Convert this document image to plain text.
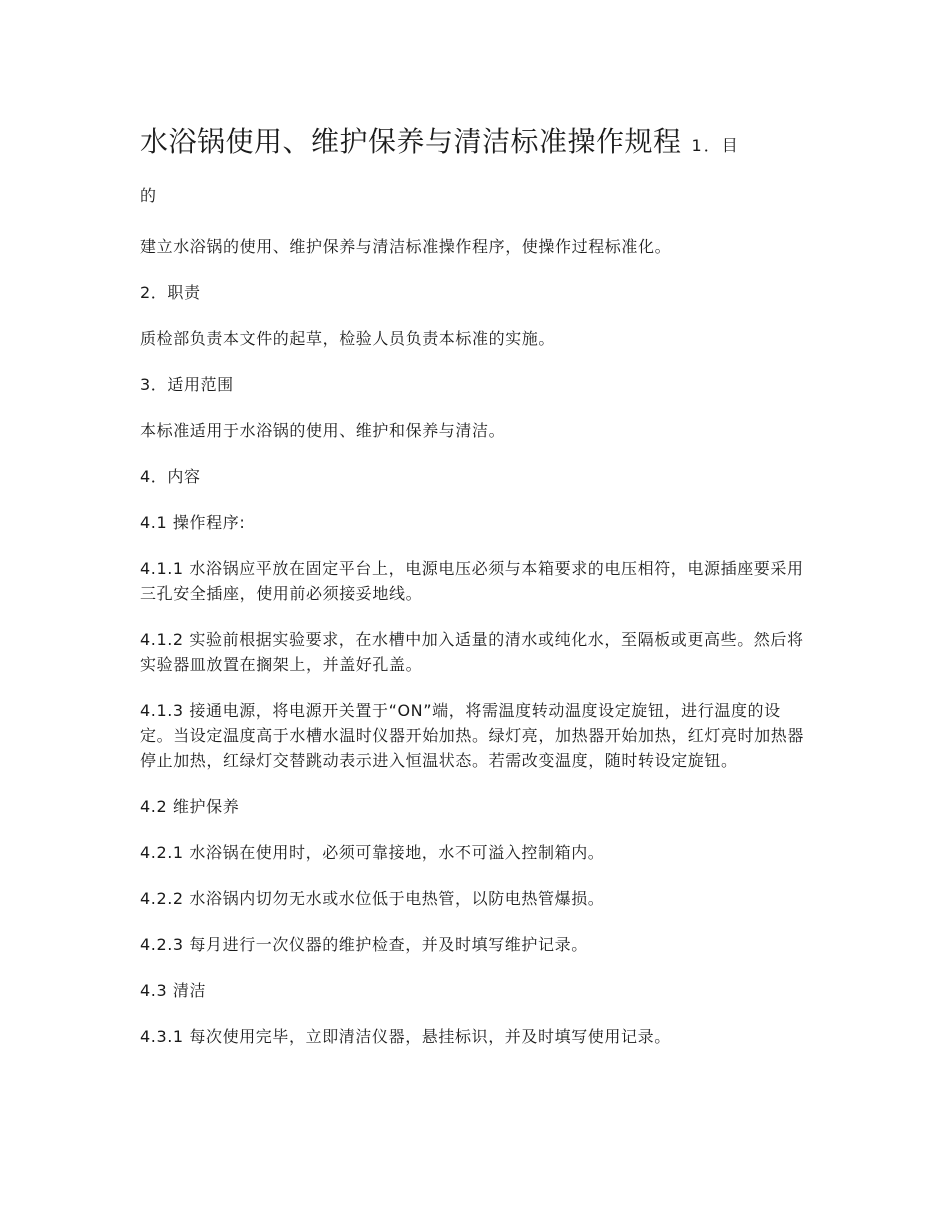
水浴锅使用、维护保养与清洁标准操作规程 1．目
的

建立水浴锅的使用、维护保养与清洁标准操作程序，使操作过程标准化。

2．职责

质检部负责本文件的起草，检验人员负责本标准的实施。

3．适用范围

本标准适用于水浴锅的使用、维护和保养与清洁。

4．内容

4.1 操作程序:

4.1.1 水浴锅应平放在固定平台上，电源电压必须与本箱要求的电压相符，电源插座要采用三孔安全插座，使用前必须接妥地线。

4.1.2 实验前根据实验要求，在水槽中加入适量的清水或纯化水，至隔板或更高些。然后将实验器皿放置在搁架上，并盖好孔盖。

4.1.3 接通电源，将电源开关置于“ON”端，将需温度转动温度设定旋钮，进行温度的设定。当设定温度高于水槽水温时仪器开始加热。绿灯亮，加热器开始加热，红灯亮时加热器停止加热，红绿灯交替跳动表示进入恒温状态。若需改变温度，随时转设定旋钮。

4.2 维护保养

4.2.1 水浴锅在使用时，必须可靠接地，水不可溢入控制箱内。

4.2.2 水浴锅内切勿无水或水位低于电热管，以防电热管爆损。

4.2.3 每月进行一次仪器的维护检查，并及时填写维护记录。

4.3 清洁

4.3.1 每次使用完毕，立即清洁仪器，悬挂标识，并及时填写使用记录。
